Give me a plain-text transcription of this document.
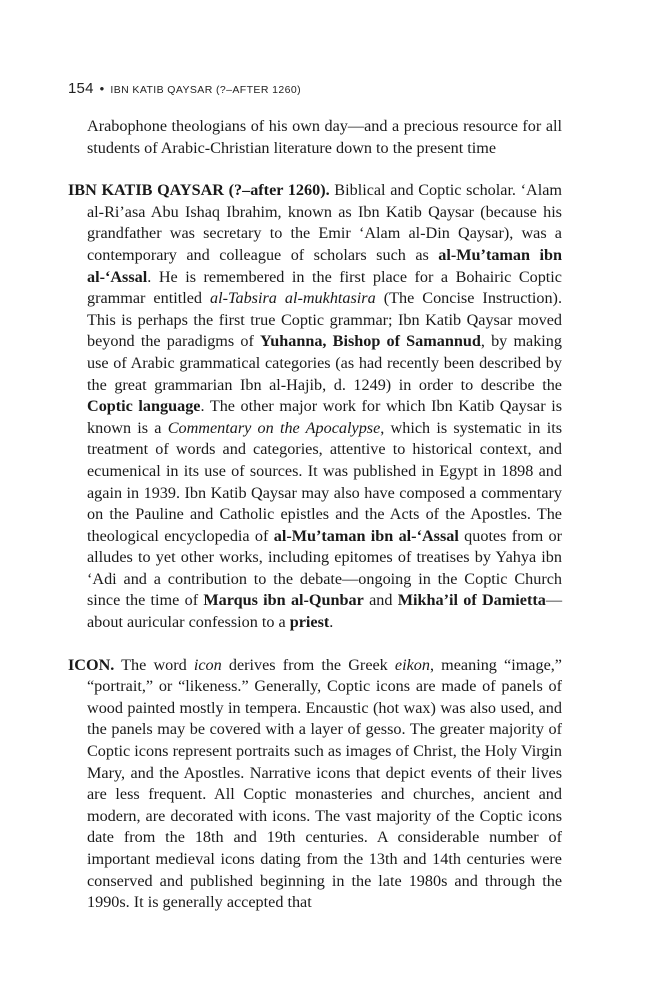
154 • IBN KATIB QAYSAR (?–AFTER 1260)

Arabophone theologians of his own day—and a precious resource for all students of Arabic-Christian literature down to the present time

IBN KATIB QAYSAR (?–after 1260). Biblical and Coptic scholar. ‘Alam al-Ri’asa Abu Ishaq Ibrahim, known as Ibn Katib Qaysar (because his grandfather was secretary to the Emir ‘Alam al-Din Qaysar), was a contemporary and colleague of scholars such as al-Mu’taman ibn al-‘Assal. He is remembered in the first place for a Bohairic Coptic grammar entitled al-Tabsira al-mukhtasira (The Concise Instruction). This is perhaps the first true Coptic grammar; Ibn Katib Qaysar moved beyond the paradigms of Yuhanna, Bishop of Samannud, by making use of Arabic grammatical categories (as had recently been described by the great grammarian Ibn al-Hajib, d. 1249) in order to describe the Coptic language. The other major work for which Ibn Katib Qaysar is known is a Commentary on the Apocalypse, which is systematic in its treatment of words and categories, attentive to historical context, and ecumenical in its use of sources. It was published in Egypt in 1898 and again in 1939. Ibn Katib Qaysar may also have composed a commentary on the Pauline and Catholic epistles and the Acts of the Apostles. The theological encyclopedia of al-Mu’taman ibn al-‘Assal quotes from or alludes to yet other works, including epitomes of treatises by Yahya ibn ‘Adi and a contribution to the debate—ongoing in the Coptic Church since the time of Marqus ibn al-Qunbar and Mikha’il of Damietta—about auricular confession to a priest.

ICON. The word icon derives from the Greek eikon, meaning “image,” “portrait,” or “likeness.” Generally, Coptic icons are made of panels of wood painted mostly in tempera. Encaustic (hot wax) was also used, and the panels may be covered with a layer of gesso. The greater majority of Coptic icons represent portraits such as images of Christ, the Holy Virgin Mary, and the Apostles. Narrative icons that depict events of their lives are less frequent. All Coptic monasteries and churches, ancient and modern, are decorated with icons. The vast majority of the Coptic icons date from the 18th and 19th centuries. A considerable number of important medieval icons dating from the 13th and 14th centuries were conserved and published beginning in the late 1980s and through the 1990s. It is generally accepted that
